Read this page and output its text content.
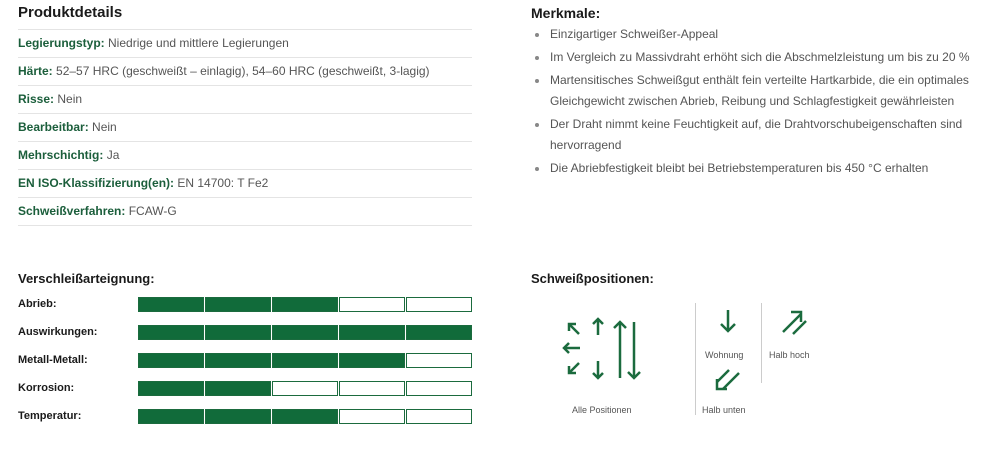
Produktdetails
Legierungstyp: Niedrige und mittlere Legierungen
Härte: 52–57 HRC (geschweißt – einlagig), 54–60 HRC (geschweißt, 3-lagig)
Risse: Nein
Bearbeitbar: Nein
Mehrschichtig: Ja
EN ISO-Klassifizierung(en): EN 14700: T Fe2
Schweißverfahren: FCAW-G
Merkmale:
Einzigartiger Schweißer-Appeal
Im Vergleich zu Massivdraht erhöht sich die Abschmelzleistung um bis zu 20 %
Martensitisches Schweißgut enthält fein verteilte Hartkarbide, die ein optimales Gleichgewicht zwischen Abrieb, Reibung und Schlagfestigkeit gewährleisten
Der Draht nimmt keine Feuchtigkeit auf, die Drahtvorschubeigenschaften sind hervorragend
Die Abriebfestigkeit bleibt bei Betriebstemperaturen bis 450 °C erhalten
Verschleißarteignung:
Abrieb:
Auswirkungen:
Metall-Metall:
Korrosion:
Temperatur:
Schweißpositionen:
Alle Positionen
Wohnung
Halb unten
Halb hoch
